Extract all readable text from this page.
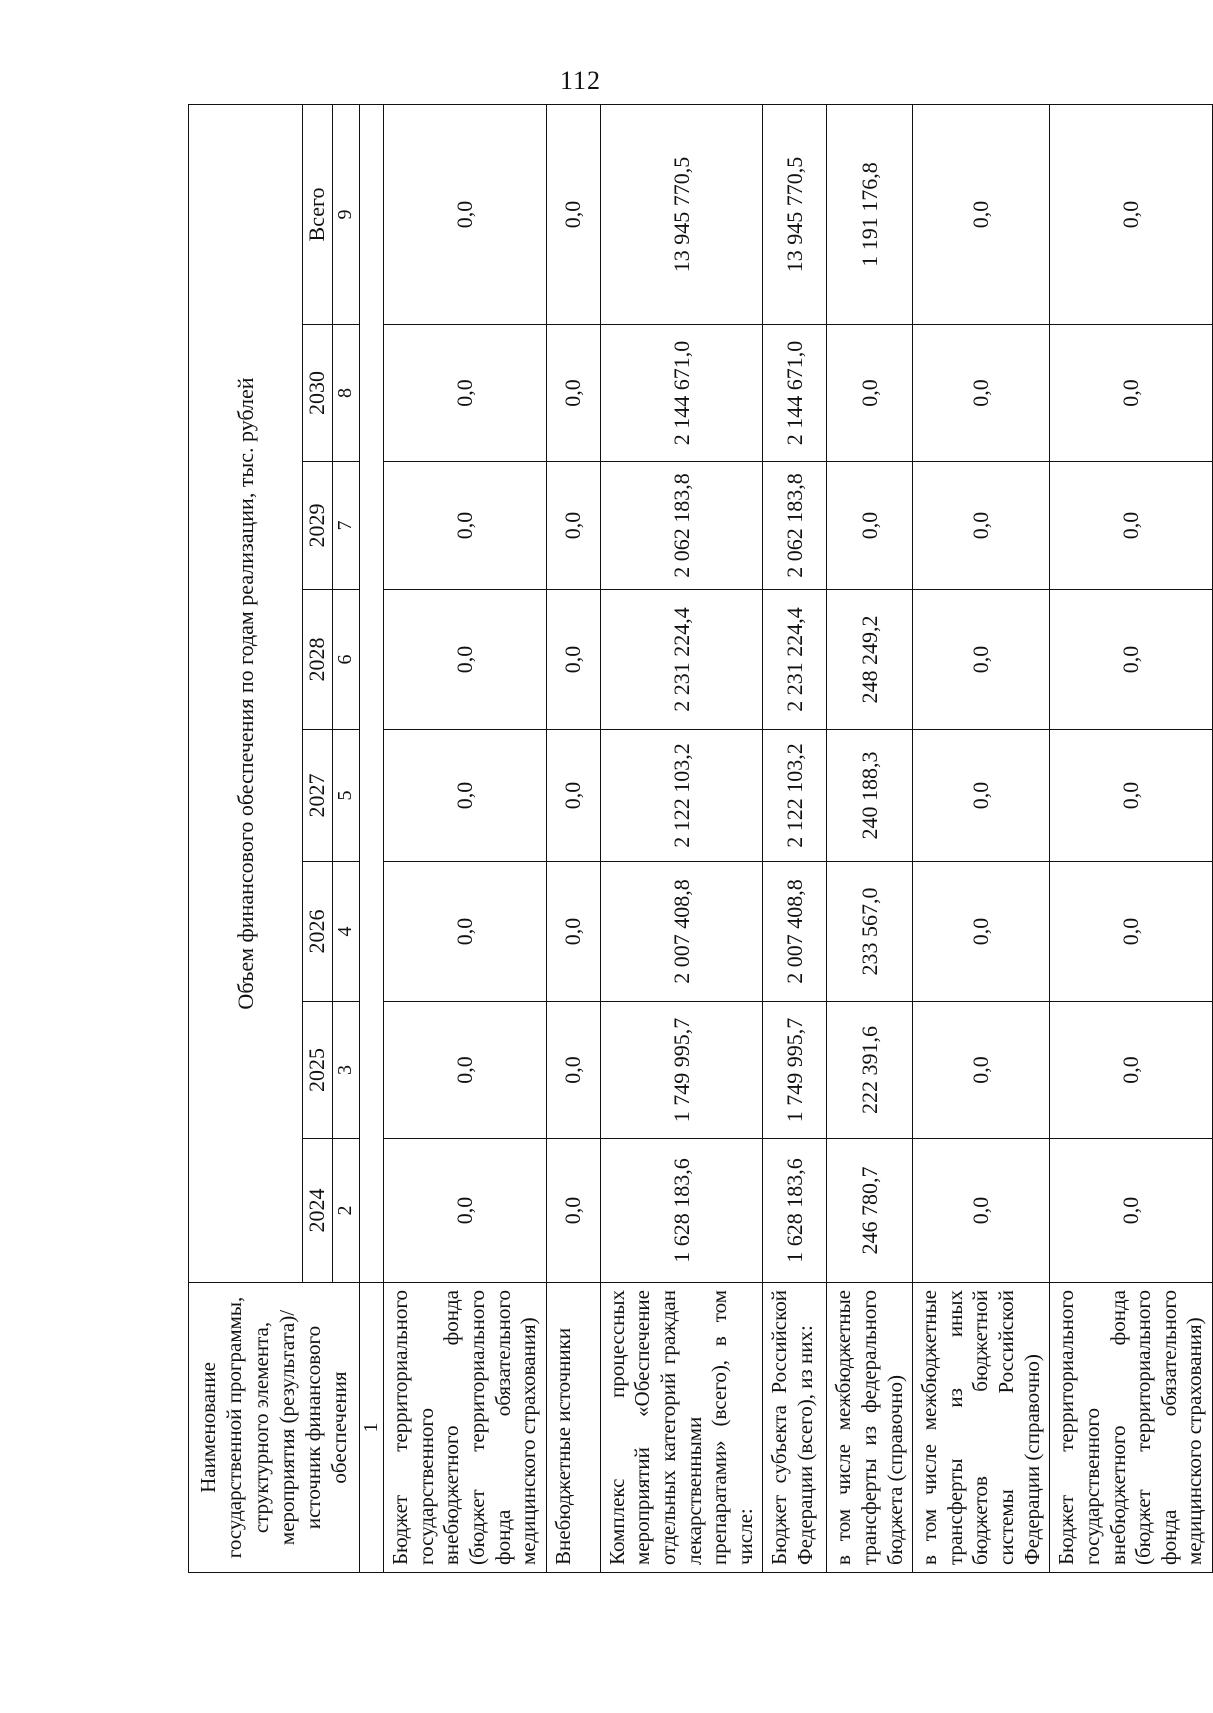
112
Наименование государственной программы, структурного элемента, мероприятия (результата)/источник финансового обеспечения	Объем финансового обеспечения по годам реализации, тыс. рублей							
	2024	2025	2026	2027	2028	2029	2030	Всего
	2	3	4	5	6	7	8	9
1								
Бюджет территориального государственного внебюджетного фонда (бюджет территориального фонда обязательного медицинского страхования)	0,0	0,0	0,0	0,0	0,0	0,0	0,0	0,0
Внебюджетные источники	0,0	0,0	0,0	0,0	0,0	0,0	0,0	0,0
Комплекс процессных мероприятий «Обеспечение отдельных категорий граждан лекарственными препаратами» (всего), в том числе:	1 628 183,6	1 749 995,7	2 007 408,8	2 122 103,2	2 231 224,4	2 062 183,8	2 144 671,0	13 945 770,5
Бюджет субъекта Российской Федерации (всего), из них:	1 628 183,6	1 749 995,7	2 007 408,8	2 122 103,2	2 231 224,4	2 062 183,8	2 144 671,0	13 945 770,5
в том числе межбюджетные трансферты из федерального бюджета (справочно)	246 780,7	222 391,6	233 567,0	240 188,3	248 249,2	0,0	0,0	1 191 176,8
в том числе межбюджетные трансферты из иных бюджетов бюджетной системы Российской Федерации (справочно)	0,0	0,0	0,0	0,0	0,0	0,0	0,0	0,0
Бюджет территориального государственного внебюджетного фонда (бюджет территориального фонда обязательного медицинского страхования)	0,0	0,0	0,0	0,0	0,0	0,0	0,0	0,0
